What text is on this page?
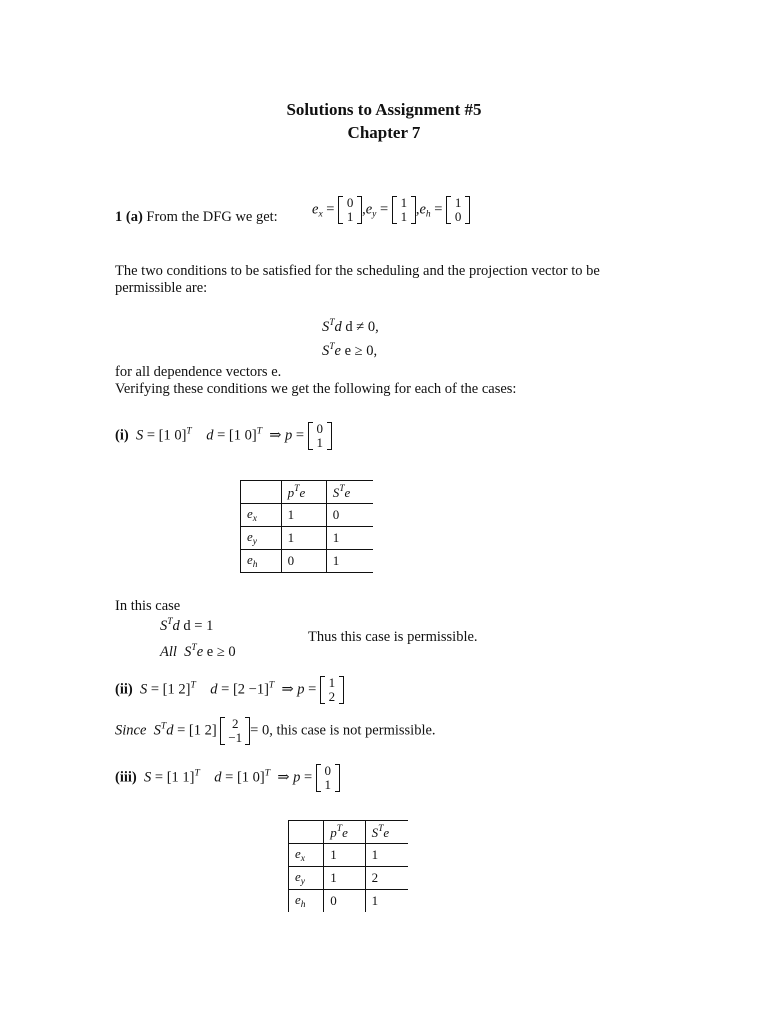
Solutions to Assignment #5
Chapter 7
1 (a) From the DFG we get: $e_x = 0$
1 $,e_y = 1$
1 $,e_h = 1$
0
The two conditions to be satisfied for the scheduling and the projection vector to be
permissible are:
$S^Td$ d ≠ 0,
$S^Te$ e ≥ 0,
for all dependence vectors e.
Verifying these conditions we get the following for each of the cases:
(i)  S = [1 0]$^T$ d = [1 0]$^T$  ⇒ p = 0
1
	$p^Te$	$S^Te$
$e_x$	1	0
$e_y$	1	1
$e_h$	0	1
In this case
$S^Td$ d = 1
All $S^Te$ e ≥ 0
Thus this case is permissible.
(ii)  S = [1 2]$^T$ $d = [2 -1]^T$  ⇒ p = 1
2
Since $S^Td = [1$ 2] 2
−1 = 0, this case is not permissible.
(iii)  S = [1 1]$^T$ d = [1 0]$^T$  ⇒ p = 0
1
	$p^Te$	$S^Te$
$e_x$	1	1
$e_y$	1	2
$e_h$	0	1
